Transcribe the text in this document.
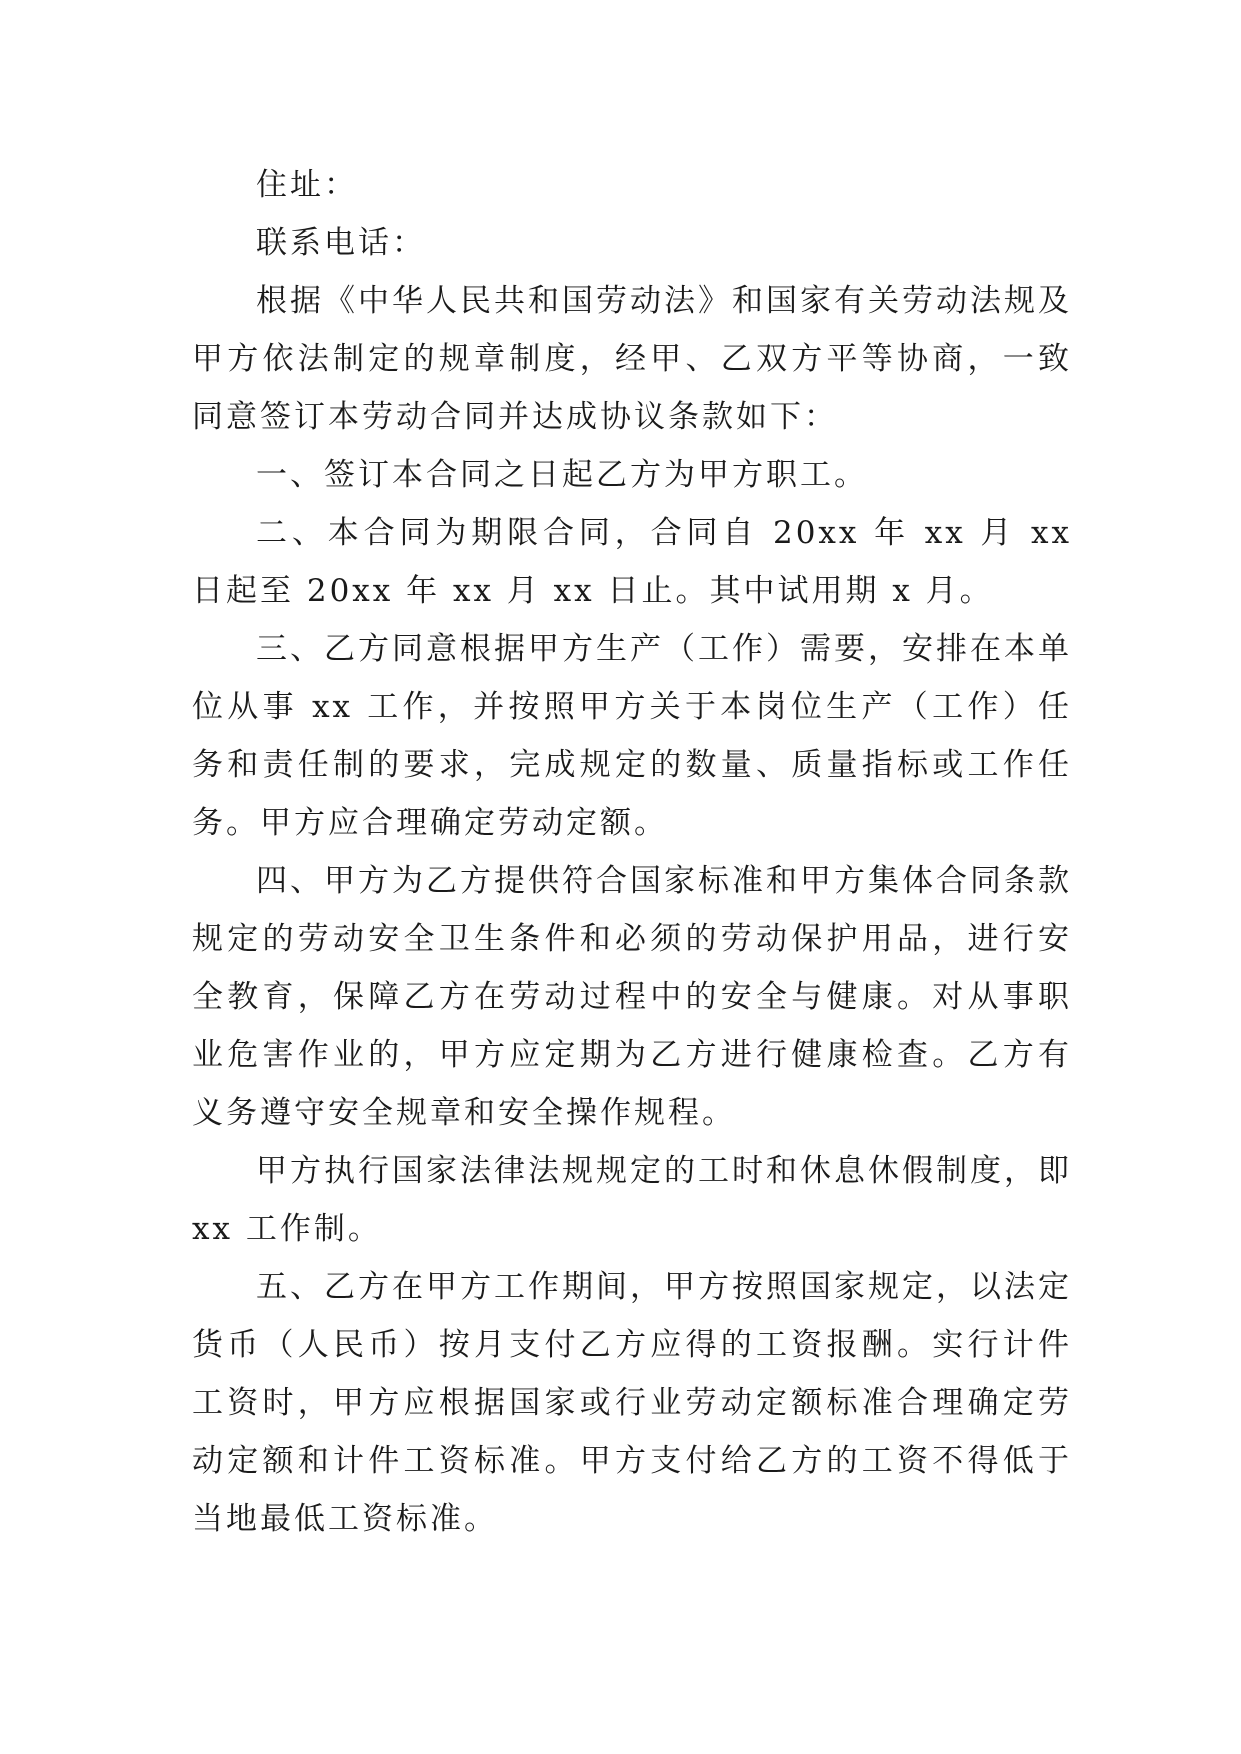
住址：

联系电话：

根据《中华人民共和国劳动法》和国家有关劳动法规及甲方依法制定的规章制度，经甲、乙双方平等协商，一致同意签订本劳动合同并达成协议条款如下：

一、签订本合同之日起乙方为甲方职工。

二、本合同为期限合同，合同自 20xx 年 xx 月 xx 日起至 20xx 年 xx 月 xx 日止。其中试用期 x 月。

三、乙方同意根据甲方生产（工作）需要，安排在本单位从事 xx 工作，并按照甲方关于本岗位生产（工作）任务和责任制的要求，完成规定的数量、质量指标或工作任务。甲方应合理确定劳动定额。

四、甲方为乙方提供符合国家标准和甲方集体合同条款规定的劳动安全卫生条件和必须的劳动保护用品，进行安全教育，保障乙方在劳动过程中的安全与健康。对从事职业危害作业的，甲方应定期为乙方进行健康检查。乙方有义务遵守安全规章和安全操作规程。

甲方执行国家法律法规规定的工时和休息休假制度，即 xx 工作制。

五、乙方在甲方工作期间，甲方按照国家规定，以法定货币（人民币）按月支付乙方应得的工资报酬。实行计件工资时，甲方应根据国家或行业劳动定额标准合理确定劳动定额和计件工资标准。甲方支付给乙方的工资不得低于当地最低工资标准。
